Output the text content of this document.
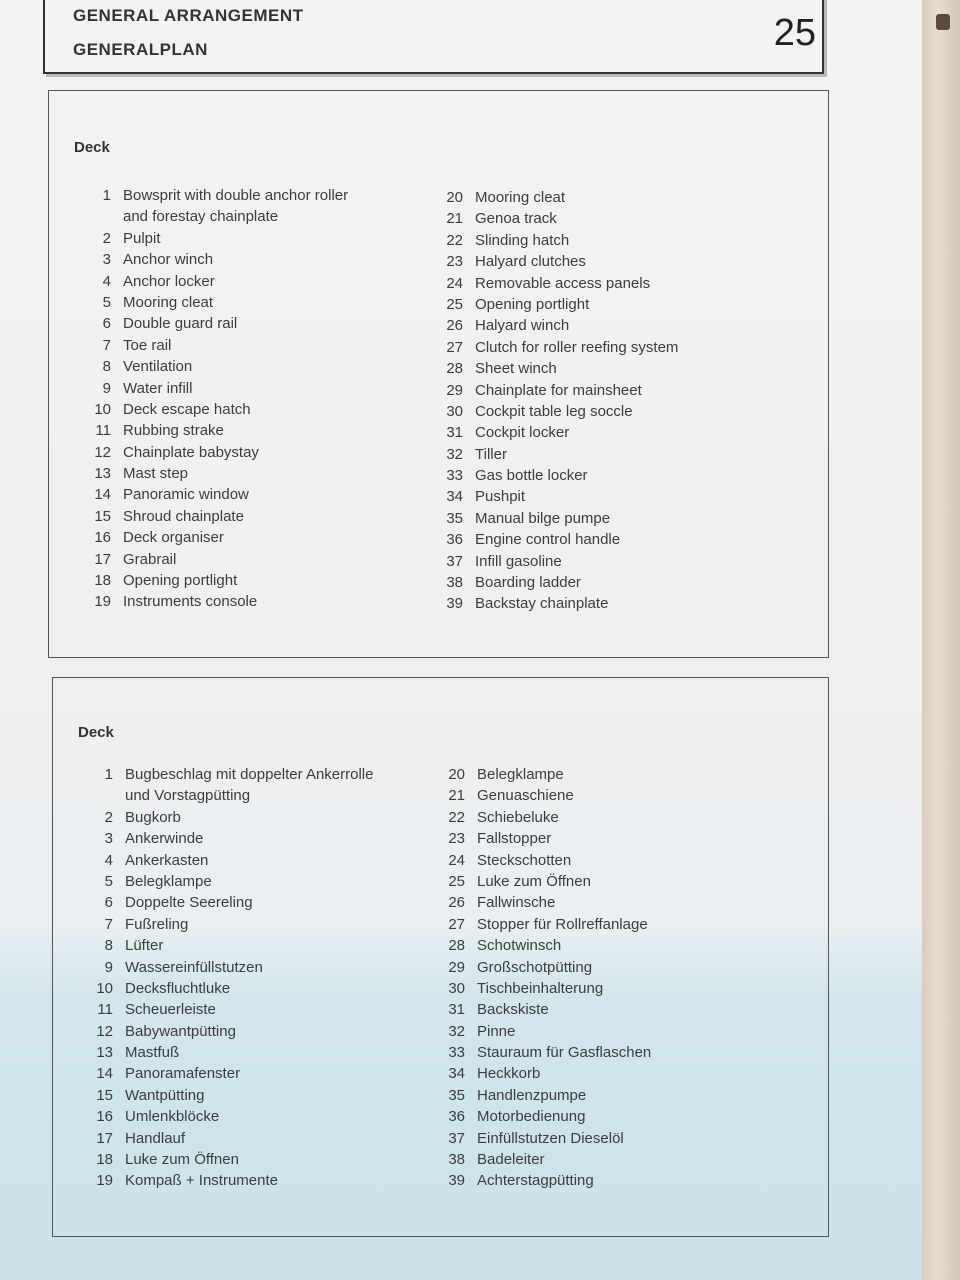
GENERAL ARRANGEMENT
GENERALPLAN	25
Deck
1 Bowsprit with double anchor roller
and forestay chainplate
2 Pulpit
3 Anchor winch
4 Anchor locker
5 Mooring cleat
6 Double guard rail
7 Toe rail
8 Ventilation
9 Water infill
10 Deck escape hatch
11 Rubbing strake
12 Chainplate babystay
13 Mast step
14 Panoramic window
15 Shroud chainplate
16 Deck organiser
17 Grabrail
18 Opening portlight
19 Instruments console
20 Mooring cleat
21 Genoa track
22 Slinding hatch
23 Halyard clutches
24 Removable access panels
25 Opening portlight
26 Halyard winch
27 Clutch for roller reefing system
28 Sheet winch
29 Chainplate for mainsheet
30 Cockpit table leg soccle
31 Cockpit locker
32 Tiller
33 Gas bottle locker
34 Pushpit
35 Manual bilge pumpe
36 Engine control handle
37 Infill gasoline
38 Boarding ladder
39 Backstay chainplate
Deck
1 Bugbeschlag mit doppelter Ankerrolle
und Vorstagpütting
2 Bugkorb
3 Ankerwinde
4 Ankerkasten
5 Belegklampe
6 Doppelte Seereling
7 Fußreling
8 Lüfter
9 Wassereinfüllstutzen
10 Decksfluchtluke
11 Scheuerleiste
12 Babywantpütting
13 Mastfuß
14 Panoramafenster
15 Wantpütting
16 Umlenkblöcke
17 Handlauf
18 Luke zum Öffnen
19 Kompaß + Instrumente
20 Belegklampe
21 Genuaschiene
22 Schiebeluke
23 Fallstopper
24 Steckschotten
25 Luke zum Öffnen
26 Fallwinsche
27 Stopper für Rollreffanlage
28 Schotwinsch
29 Großschotpütting
30 Tischbeinhalterung
31 Backskiste
32 Pinne
33 Stauraum für Gasflaschen
34 Heckkorb
35 Handlenzpumpe
36 Motorbedienung
37 Einfüllstutzen Dieselöl
38 Badeleiter
39 Achterstagpütting
